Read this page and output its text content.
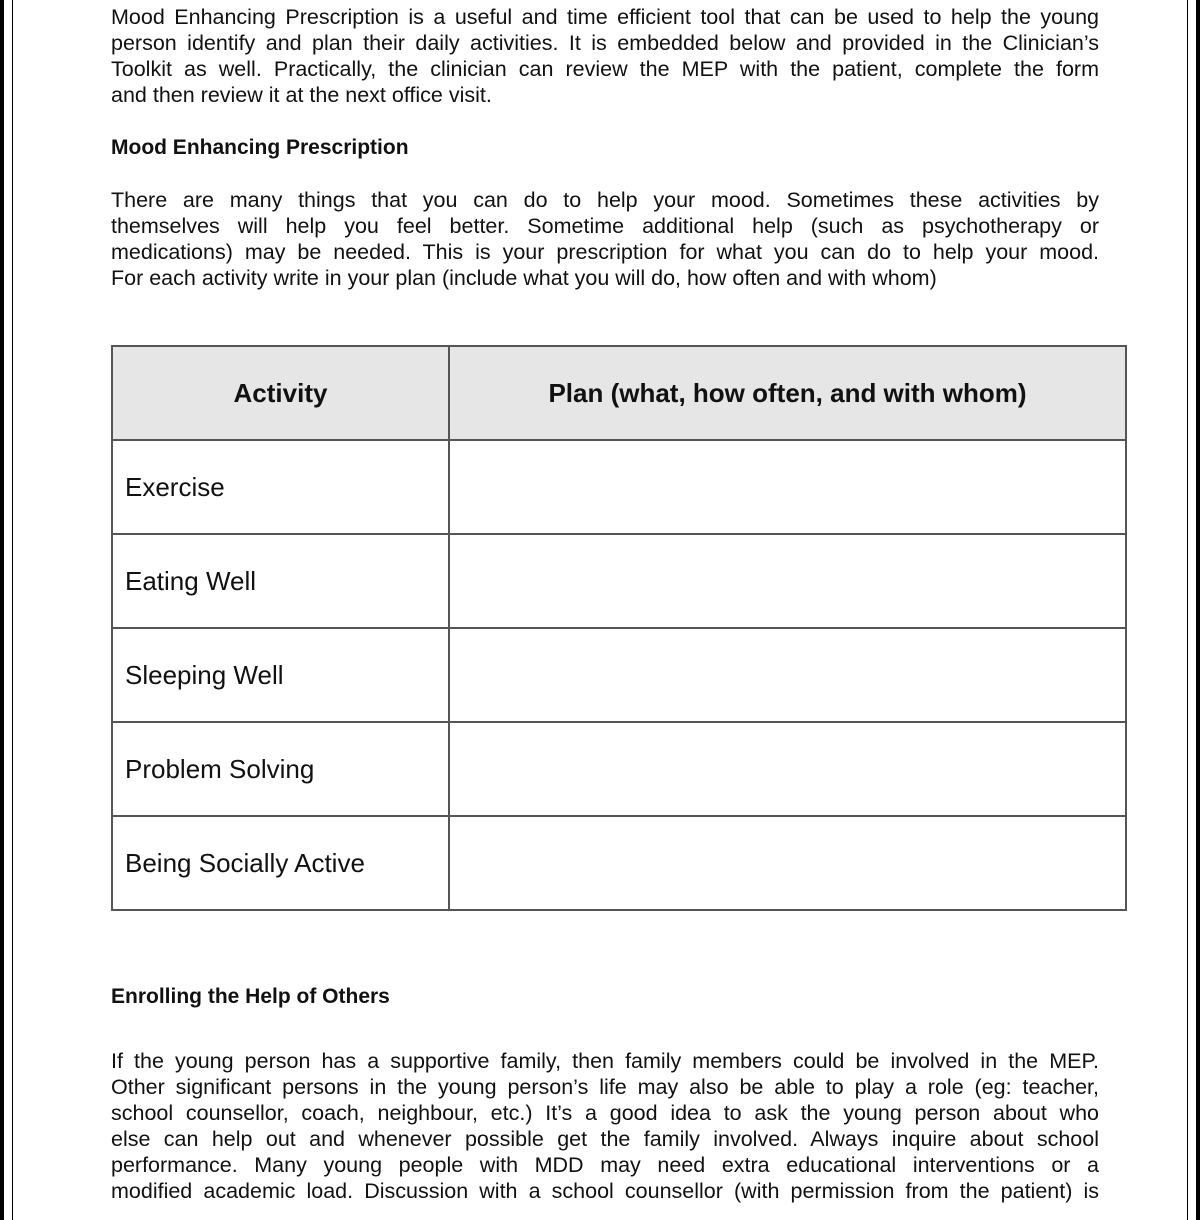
Mood Enhancing Prescription is a useful and time efficient tool that can be used to help the young
person identify and plan their daily activities. It is embedded below and provided in the Clinician’s
Toolkit as well. Practically, the clinician can review the MEP with the patient, complete the form
and then review it at the next office visit.
Mood Enhancing Prescription
There are many things that you can do to help your mood. Sometimes these activities by
themselves will help you feel better. Sometime additional help (such as psychotherapy or
medications) may be needed. This is your prescription for what you can do to help your mood.
For each activity write in your plan (include what you will do, how often and with whom)
Activity	Plan (what, how often, and with whom)
Exercise	
Eating Well	
Sleeping Well	
Problem Solving	
Being Socially Active	
Enrolling the Help of Others
If the young person has a supportive family, then family members could be involved in the MEP.
Other significant persons in the young person’s life may also be able to play a role (eg: teacher,
school counsellor, coach, neighbour, etc.) It’s a good idea to ask the young person about who
else can help out and whenever possible get the family involved. Always inquire about school
performance. Many young people with MDD may need extra educational interventions or a
modified academic load. Discussion with a school counsellor (with permission from the patient) is
